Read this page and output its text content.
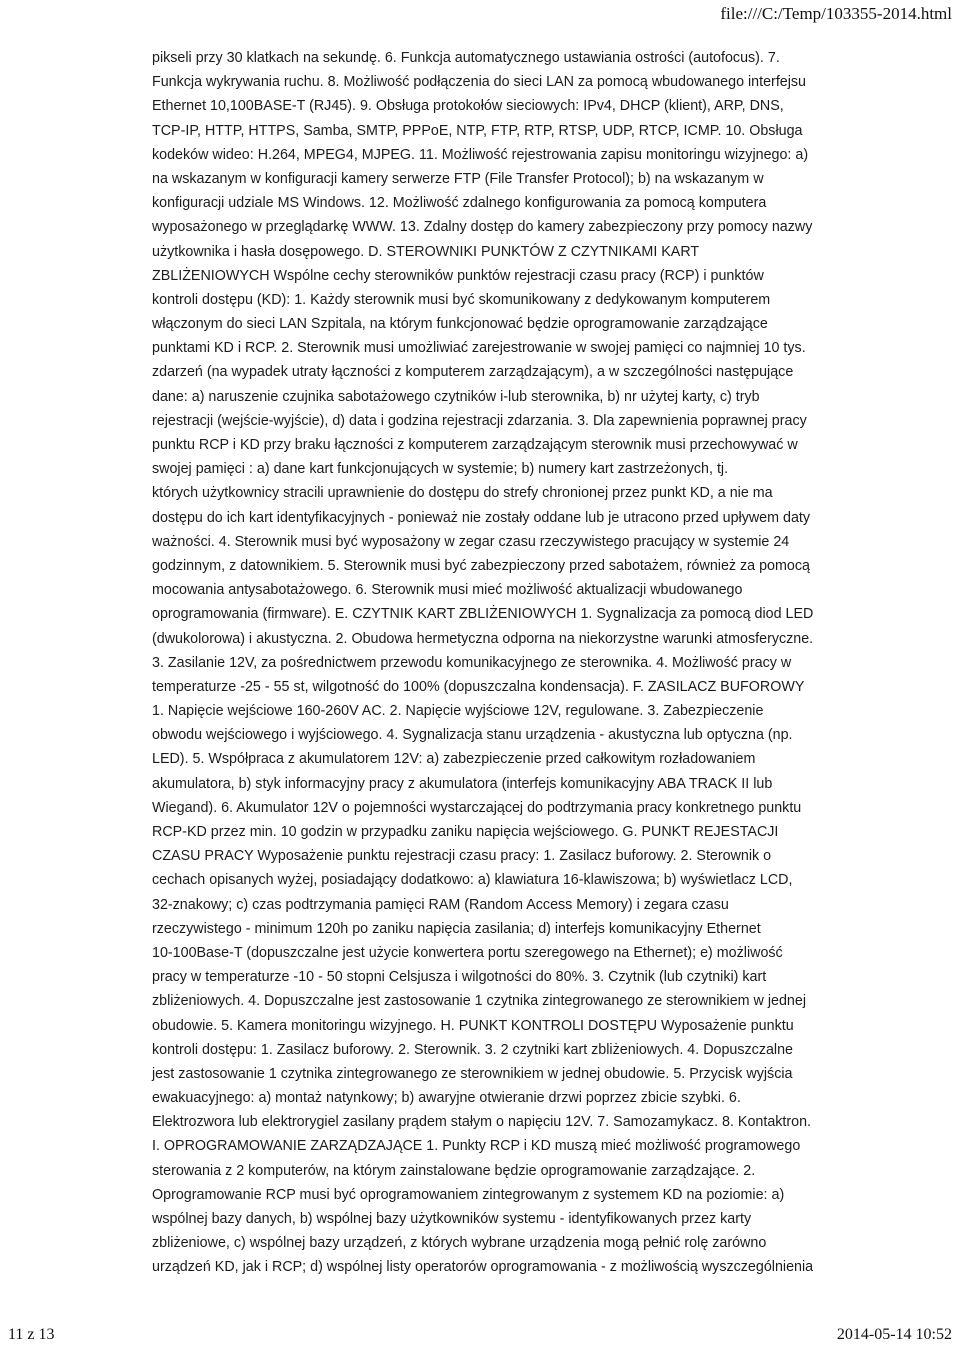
file:///C:/Temp/103355-2014.html
pikseli przy 30 klatkach na sekundę. 6. Funkcja automatycznego ustawiania ostrości (autofocus). 7.
Funkcja wykrywania ruchu. 8. Możliwość podłączenia do sieci LAN za pomocą wbudowanego interfejsu
Ethernet 10,100BASE-T (RJ45). 9. Obsługa protokołów sieciowych: IPv4, DHCP (klient), ARP, DNS,
TCP-IP, HTTP, HTTPS, Samba, SMTP, PPPoE, NTP, FTP, RTP, RTSP, UDP, RTCP, ICMP. 10. Obsługa
kodeków wideo: H.264, MPEG4, MJPEG. 11. Możliwość rejestrowania zapisu monitoringu wizyjnego: a)
na wskazanym w konfiguracji kamery serwerze FTP (File Transfer Protocol); b) na wskazanym w
konfiguracji udziale MS Windows. 12. Możliwość zdalnego konfigurowania za pomocą komputera
wyposażonego w przeglądarkę WWW. 13. Zdalny dostęp do kamery zabezpieczony przy pomocy nazwy
użytkownika i hasła dosępowego. D. STEROWNIKI PUNKTÓW Z CZYTNIKAMI KART
ZBLIŻENIOWYCH Wspólne cechy sterowników punktów rejestracji czasu pracy (RCP) i punktów
kontroli dostępu (KD): 1. Każdy sterownik musi być skomunikowany z dedykowanym komputerem
włączonym do sieci LAN Szpitala, na którym funkcjonować będzie oprogramowanie zarządzające
punktami KD i RCP. 2. Sterownik musi umożliwiać zarejestrowanie w swojej pamięci co najmniej 10 tys.
zdarzeń (na wypadek utraty łączności z komputerem zarządzającym), a w szczególności następujące
dane: a) naruszenie czujnika sabotażowego czytników i-lub sterownika, b) nr użytej karty, c) tryb
rejestracji (wejście-wyjście), d) data i godzina rejestracji zdarzania. 3. Dla zapewnienia poprawnej pracy
punktu RCP i KD przy braku łączności z komputerem zarządzającym sterownik musi przechowywać w
swojej pamięci : a) dane kart funkcjonujących w systemie; b) numery kart zastrzeżonych, tj.
których użytkownicy stracili uprawnienie do dostępu do strefy chronionej przez punkt KD, a nie ma
dostępu do ich kart identyfikacyjnych - ponieważ nie zostały oddane lub je utracono przed upływem daty
ważności. 4. Sterownik musi być wyposażony w zegar czasu rzeczywistego pracujący w systemie 24
godzinnym, z datownikiem. 5. Sterownik musi być zabezpieczony przed sabotażem, również za pomocą
mocowania antysabotażowego. 6. Sterownik musi mieć możliwość aktualizacji wbudowanego
oprogramowania (firmware). E. CZYTNIK KART ZBLIŻENIOWYCH 1. Sygnalizacja za pomocą diod LED
(dwukolorowa) i akustyczna. 2. Obudowa hermetyczna odporna na niekorzystne warunki atmosferyczne.
3. Zasilanie 12V, za pośrednictwem przewodu komunikacyjnego ze sterownika. 4. Możliwość pracy w
temperaturze -25 - 55 st, wilgotność do 100% (dopuszczalna kondensacja). F. ZASILACZ BUFOROWY
1. Napięcie wejściowe 160-260V AC. 2. Napięcie wyjściowe 12V, regulowane. 3. Zabezpieczenie
obwodu wejściowego i wyjściowego. 4. Sygnalizacja stanu urządzenia - akustyczna lub optyczna (np.
LED). 5. Współpraca z akumulatorem 12V: a) zabezpieczenie przed całkowitym rozładowaniem
akumulatora, b) styk informacyjny pracy z akumulatora (interfejs komunikacyjny ABA TRACK II lub
Wiegand). 6. Akumulator 12V o pojemności wystarczającej do podtrzymania pracy konkretnego punktu
RCP-KD przez min. 10 godzin w przypadku zaniku napięcia wejściowego. G. PUNKT REJESTACJI
CZASU PRACY Wyposażenie punktu rejestracji czasu pracy: 1. Zasilacz buforowy. 2. Sterownik o
cechach opisanych wyżej, posiadający dodatkowo: a) klawiatura 16-klawiszowa; b) wyświetlacz LCD,
32-znakowy; c) czas podtrzymania pamięci RAM (Random Access Memory) i zegara czasu
rzeczywistego - minimum 120h po zaniku napięcia zasilania; d) interfejs komunikacyjny Ethernet
10-100Base-T (dopuszczalne jest użycie konwertera portu szeregowego na Ethernet); e) możliwość
pracy w temperaturze -10 - 50 stopni Celsjusza i wilgotności do 80%. 3. Czytnik (lub czytniki) kart
zbliżeniowych. 4. Dopuszczalne jest zastosowanie 1 czytnika zintegrowanego ze sterownikiem w jednej
obudowie. 5. Kamera monitoringu wizyjnego. H. PUNKT KONTROLI DOSTĘPU Wyposażenie punktu
kontroli dostępu: 1. Zasilacz buforowy. 2. Sterownik. 3. 2 czytniki kart zbliżeniowych. 4. Dopuszczalne
jest zastosowanie 1 czytnika zintegrowanego ze sterownikiem w jednej obudowie. 5. Przycisk wyjścia
ewakuacyjnego: a) montaż natynkowy; b) awaryjne otwieranie drzwi poprzez zbicie szybki. 6.
Elektrozwora lub elektrorygiel zasilany prądem stałym o napięciu 12V. 7. Samozamykacz. 8. Kontaktron.
I. OPROGRAMOWANIE ZARZĄDZAJĄCE 1. Punkty RCP i KD muszą mieć możliwość programowego
sterowania z 2 komputerów, na którym zainstalowane będzie oprogramowanie zarządzające. 2.
Oprogramowanie RCP musi być oprogramowaniem zintegrowanym z systemem KD na poziomie: a)
wspólnej bazy danych, b) wspólnej bazy użytkowników systemu - identyfikowanych przez karty
zbliżeniowe, c) wspólnej bazy urządzeń, z których wybrane urządzenia mogą pełnić rolę zarówno
urządzeń KD, jak i RCP; d) wspólnej listy operatorów oprogramowania - z możliwością wyszczególnienia
11 z 13	2014-05-14 10:52
